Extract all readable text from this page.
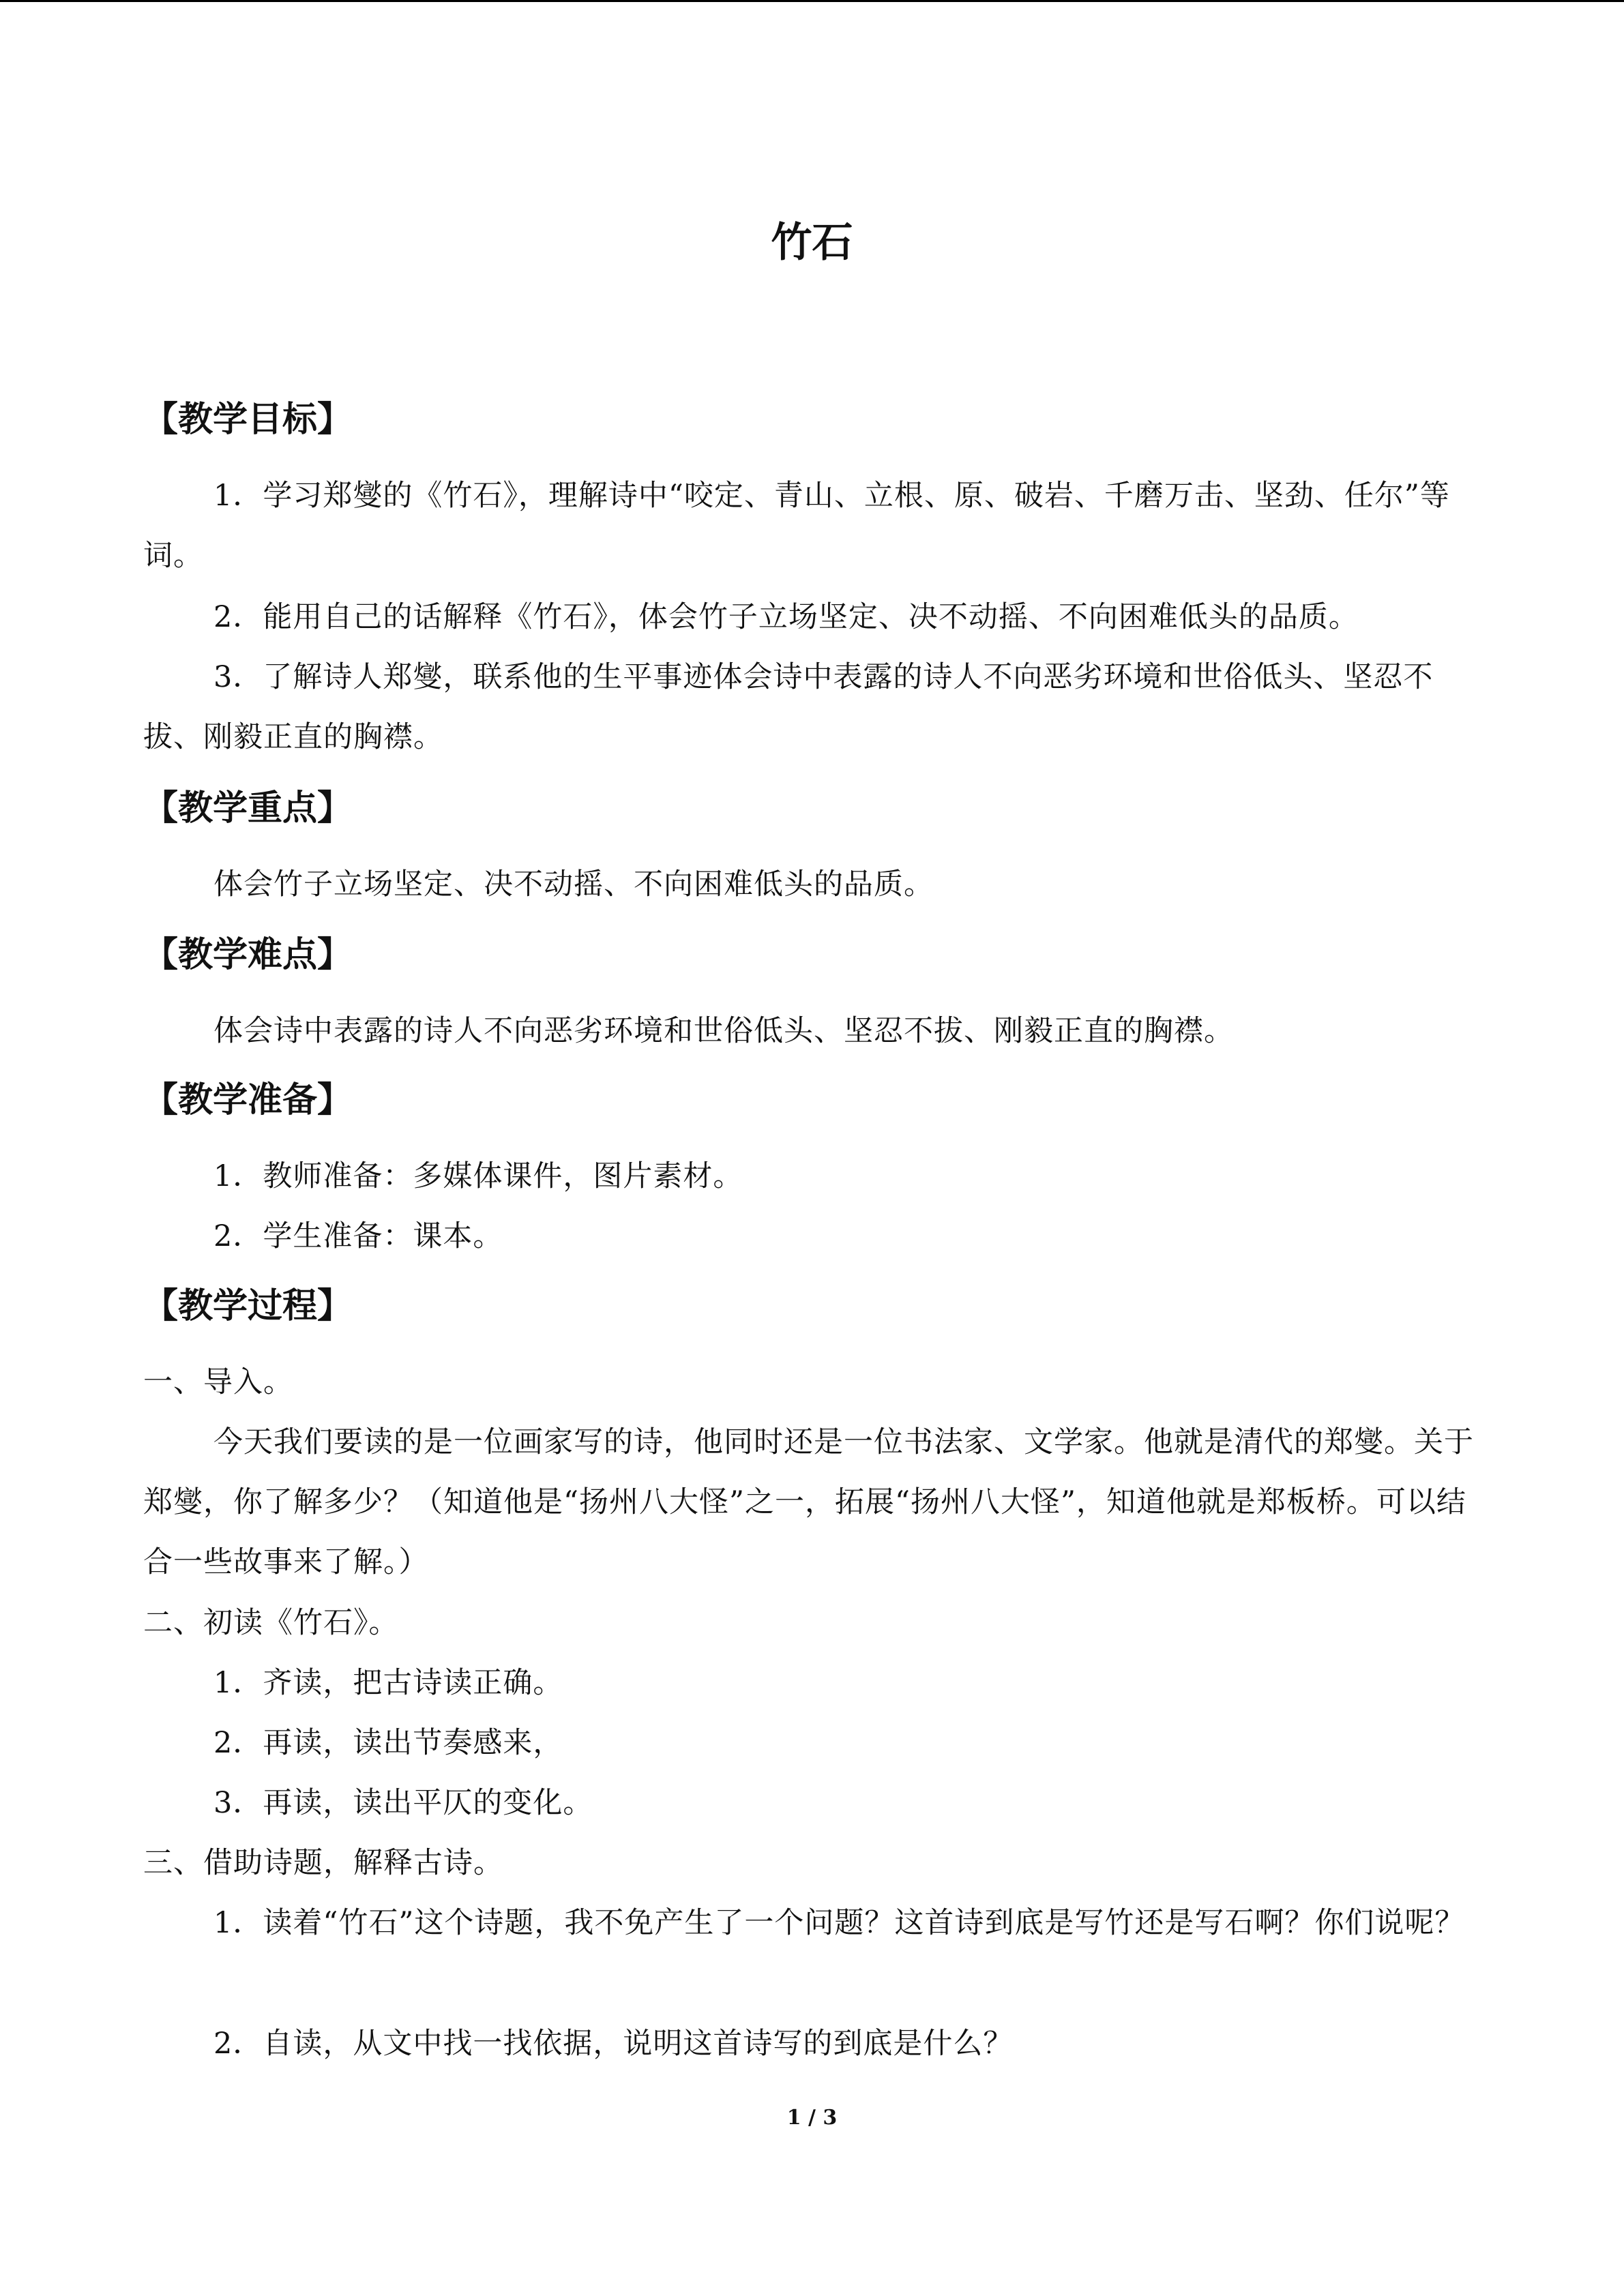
竹石
【教学目标】

1．学习郑燮的《竹石》，理解诗中“咬定、青山、立根、原、破岩、千磨万击、坚劲、任尔”等词。

2．能用自己的话解释《竹石》，体会竹子立场坚定、决不动摇、不向困难低头的品质。

3．了解诗人郑燮，联系他的生平事迹体会诗中表露的诗人不向恶劣环境和世俗低头、坚忍不拔、刚毅正直的胸襟。

【教学重点】

体会竹子立场坚定、决不动摇、不向困难低头的品质。

【教学难点】

体会诗中表露的诗人不向恶劣环境和世俗低头、坚忍不拔、刚毅正直的胸襟。

【教学准备】

1．教师准备：多媒体课件，图片素材。

2．学生准备：课本。

【教学过程】

一、导入。

今天我们要读的是一位画家写的诗，他同时还是一位书法家、文学家。他就是清代的郑燮。关于郑燮，你了解多少？（知道他是“扬州八大怪”之一，拓展“扬州八大怪”，知道他就是郑板桥。可以结合一些故事来了解。）

二、初读《竹石》。

1．齐读，把古诗读正确。

2．再读，读出节奏感来，

3．再读，读出平仄的变化。

三、借助诗题，解释古诗。

1．读着“竹石”这个诗题，我不免产生了一个问题？这首诗到底是写竹还是写石啊？你们说呢？

2．自读，从文中找一找依据，说明这首诗写的到底是什么？

1 / 3
